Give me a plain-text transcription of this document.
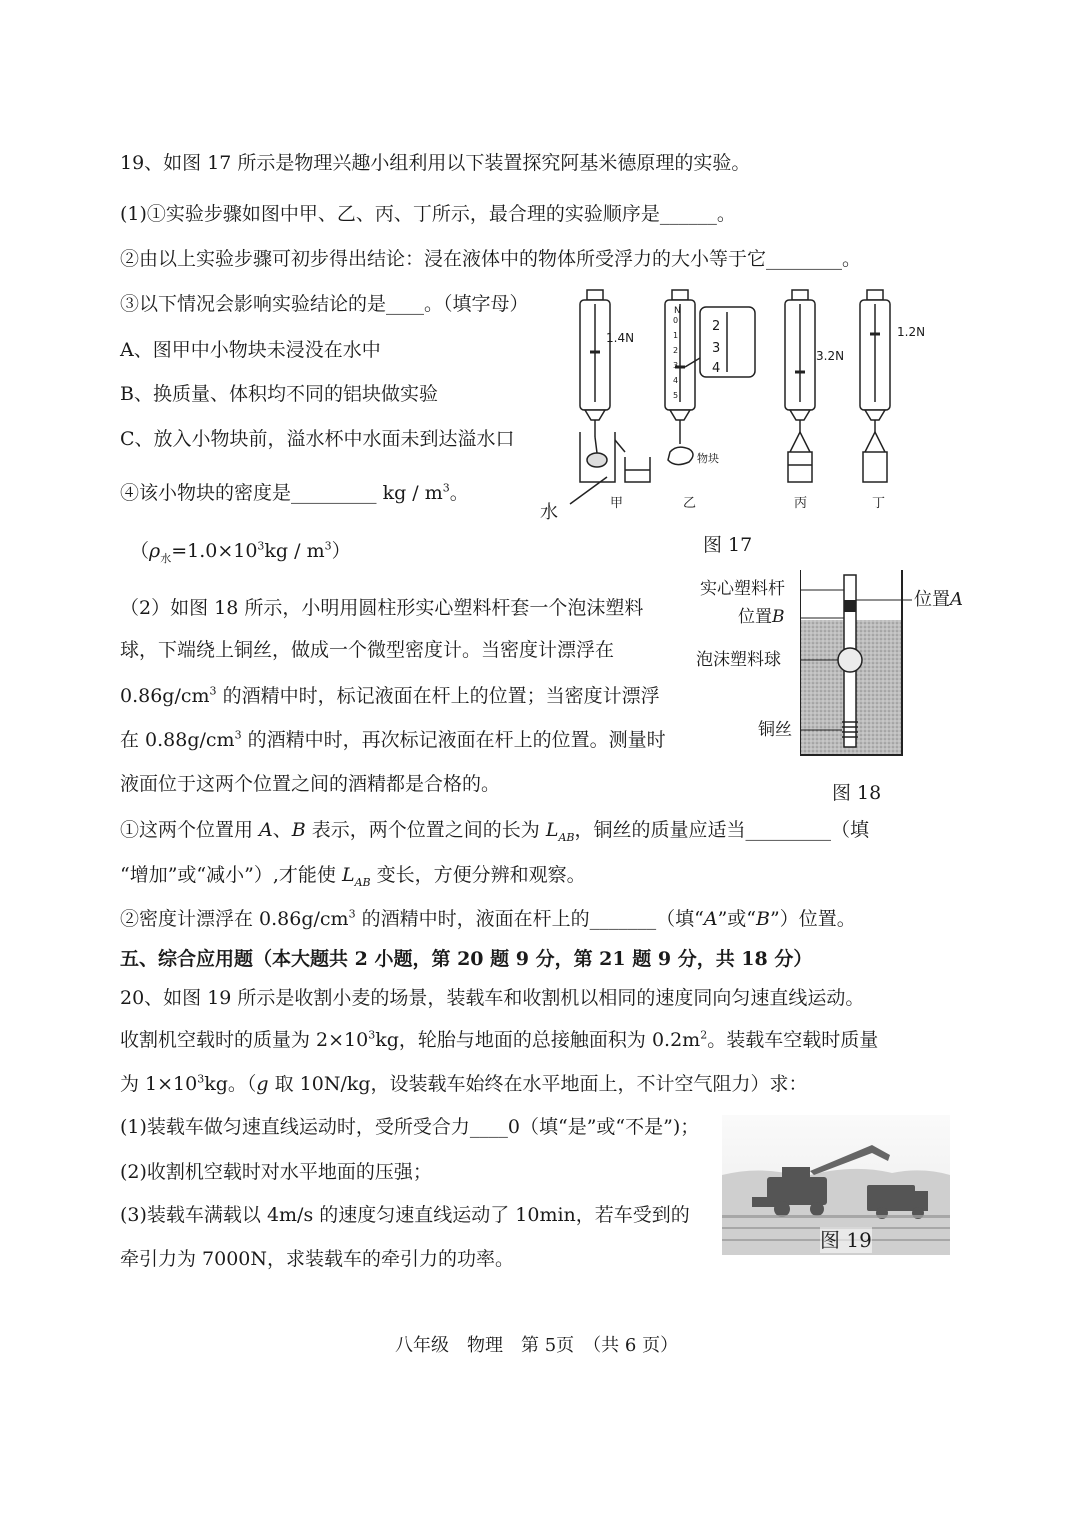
19、如图 17 所示是物理兴趣小组利用以下装置探究阿基米德原理的实验。
(1)①实验步骤如图中甲、乙、丙、丁所示，最合理的实验顺序是______。
②由以上实验步骤可初步得出结论：浸在液体中的物体所受浮力的大小等于它________。
③以下情况会影响实验结论的是____。（填字母）
A、图甲中小物块未浸没在水中
B、换质量、体积均不同的铝块做实验
C、放入小物块前，溢水杯中水面未到达溢水口
④该小物块的密度是_________ kg / $m^3$。
$(\rho_水=1.0\times 10^3kg / m^3)$
1.4N
3.2N
1.2N
2
3
4
N
甲	乙	丙	丁
水
物块
图 17
（2）如图 18 所示，小明用圆柱形实心塑料杆套一个泡沫塑料
球，下端绕上铜丝，做成一个微型密度计。当密度计漂浮在
$0.86g/cm^3$ 的酒精中时，标记液面在杆上的位置；当密度计漂浮
在 $0.88g/cm^3$ 的酒精中时，再次标记液面在杆上的位置。测量时
液面位于这两个位置之间的酒精都是合格的。
实心塑料杆
位置B
泡沫塑料球
铜丝
位置A
图 18
①这两个位置用 A、B 表示，两个位置之间的长为 $L_{AB}$，铜丝的质量应适当_________（填
“增加”或“减小”）,才能使 $L_{AB}$ 变长，方便分辨和观察。
②密度计漂浮在 $0.86g/cm^3$ 的酒精中时，液面在杆上的_______（填“A”或“B”）位置。
五、综合应用题（本大题共 2 小题，第 20 题 9 分，第 21 题 9 分，共 18 分）
20、如图 19 所示是收割小麦的场景，装载车和收割机以相同的速度同向匀速直线运动。
收割机空载时的质量为 $2\times 10^3kg$，轮胎与地面的总接触面积为 $0.2m^2$。装载车空载时质量
为 $1\times 10^3kg$。（g 取 10N/kg，设装载车始终在水平地面上，不计空气阻力）求：
(1)装载车做匀速直线运动时，受所受合力____0（填“是”或“不是”)；
(2)收割机空载时对水平地面的压强；
(3)装载车满载以 4m/s 的速度匀速直线运动了 10min，若车受到的
牵引力为 7000N，求装载车的牵引力的功率。
图 19
八年级　物理　第 5页　（共 6 页）
0
1
2
3
4
5
